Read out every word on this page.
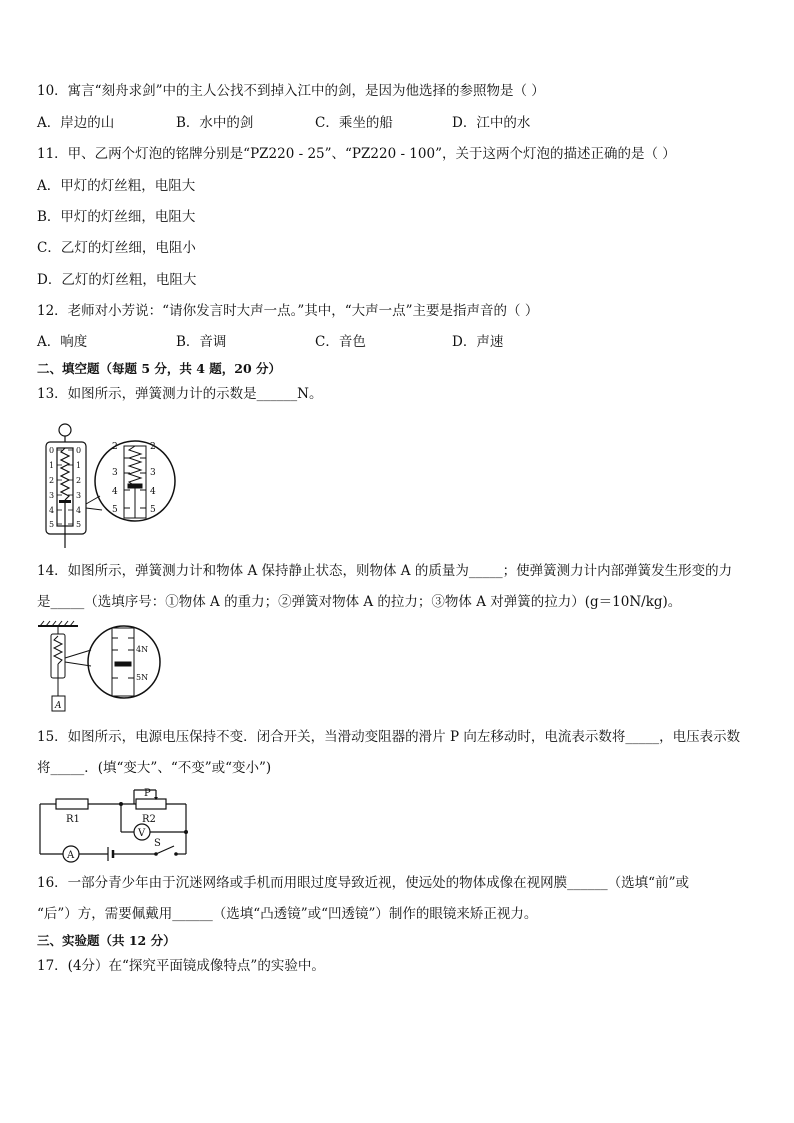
10．寓言“刻舟求剑”中的主人公找不到掉入江中的剑，是因为他选择的参照物是（ ）
A．岸边的山	B．水中的剑	C．乘坐的船	D．江中的水
11．甲、乙两个灯泡的铭牌分别是“PZ220 - 25”、“PZ220 - 100”，关于这两个灯泡的描述正确的是（ ）
A．甲灯的灯丝粗，电阻大
B．甲灯的灯丝细，电阻大
C．乙灯的灯丝细，电阻小
D．乙灯的灯丝粗，电阻大
12．老师对小芳说：“请你发言时大声一点。”其中，“大声一点”主要是指声音的（ ）
A．响度	B．音调	C．音色	D．声速
二、填空题（每题 5 分，共 4 题，20 分）
13．如图所示，弹簧测力计的示数是______N。
0
1
2
3
4
5
0
1
2
3
4
5
2
3
4
5
2
3
4
5
14．如图所示，弹簧测力计和物体 A 保持静止状态，则物体 A 的质量为_____；使弹簧测力计内部弹簧发生形变的力
是_____（选填序号：①物体 A 的重力；②弹簧对物体 A 的拉力；③物体 A 对弹簧的拉力）(g＝10N/kg)。
A
4N
5N
15．如图所示，电源电压保持不变．闭合开关，当滑动变阻器的滑片 P 向左移动时，电流表示数将_____，电压表示数
将_____．(填“变大”、“不变”或“变小”)
P
R1	R2
V
A
S
16．一部分青少年由于沉迷网络或手机而用眼过度导致近视，使远处的物体成像在视网膜______（选填“前”或
“后”）方，需要佩戴用______（选填“凸透镜”或“凹透镜”）制作的眼镜来矫正视力。
三、实验题（共 12 分）
17．(4分）在“探究平面镜成像特点”的实验中。
